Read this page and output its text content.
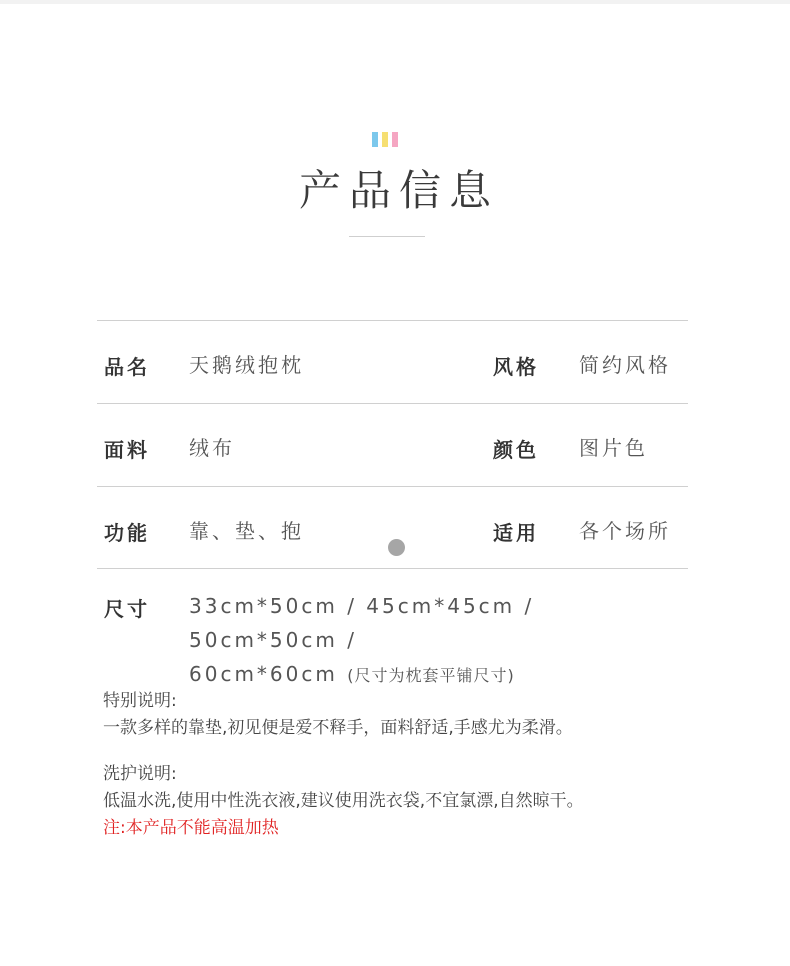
产品信息
品名 天鹅绒抱枕	风格 简约风格
面料 绒布	颜色 图片色
功能 靠、垫、抱	适用 各个场所
尺寸 33cm*50cm / 45cm*45cm / 50cm*50cm /
60cm*60cm (尺寸为枕套平铺尺寸)

特别说明:

一款多样的靠垫,初见便是爱不释手，面料舒适,手感尤为柔滑。

洗护说明:

低温水洗,使用中性洗衣液,建议使用洗衣袋,不宜氯漂,自然晾干。

注:本产品不能高温加热
